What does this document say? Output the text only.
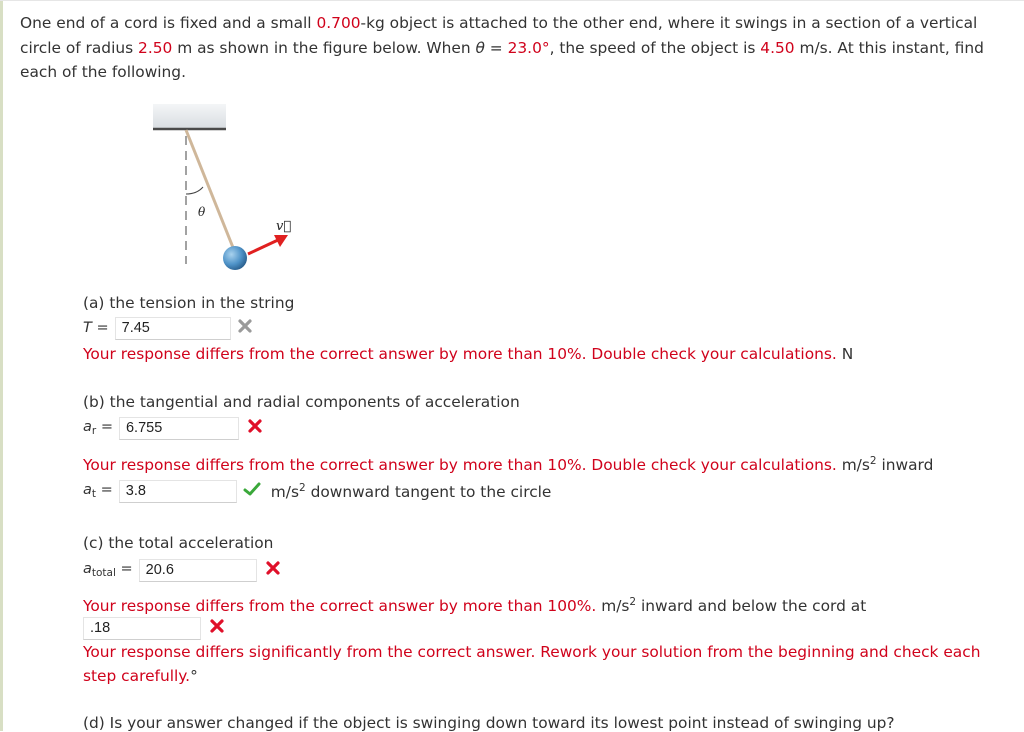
One end of a cord is fixed and a small 0.700-kg object is attached to the other end, where it swings in a section of a vertical circle of radius 2.50 m as shown in the figure below. When θ = 23.0°, the speed of the object is 4.50 m/s. At this instant, find each of the following.
θ
v⃗
(a) the tension in the string
T = 7.45
Your response differs from the correct answer by more than 10%. Double check your calculations. N
(b) the tangential and radial components of acceleration
$a_r = 6.755$
Your response differs from the correct answer by more than 10%. Double check your calculations. $m/s^2$ inward
$a_t = 3.8$	$m/s^2$ downward tangent to the circle
(c) the total acceleration
$a_{total} = 20.6$
Your response differs from the correct answer by more than 100%. $m/s^2$ inward and below the cord at
.18
Your response differs significantly from the correct answer. Rework your solution from the beginning and check each step carefully.°
(d) Is your answer changed if the object is swinging down toward its lowest point instead of swinging up?
